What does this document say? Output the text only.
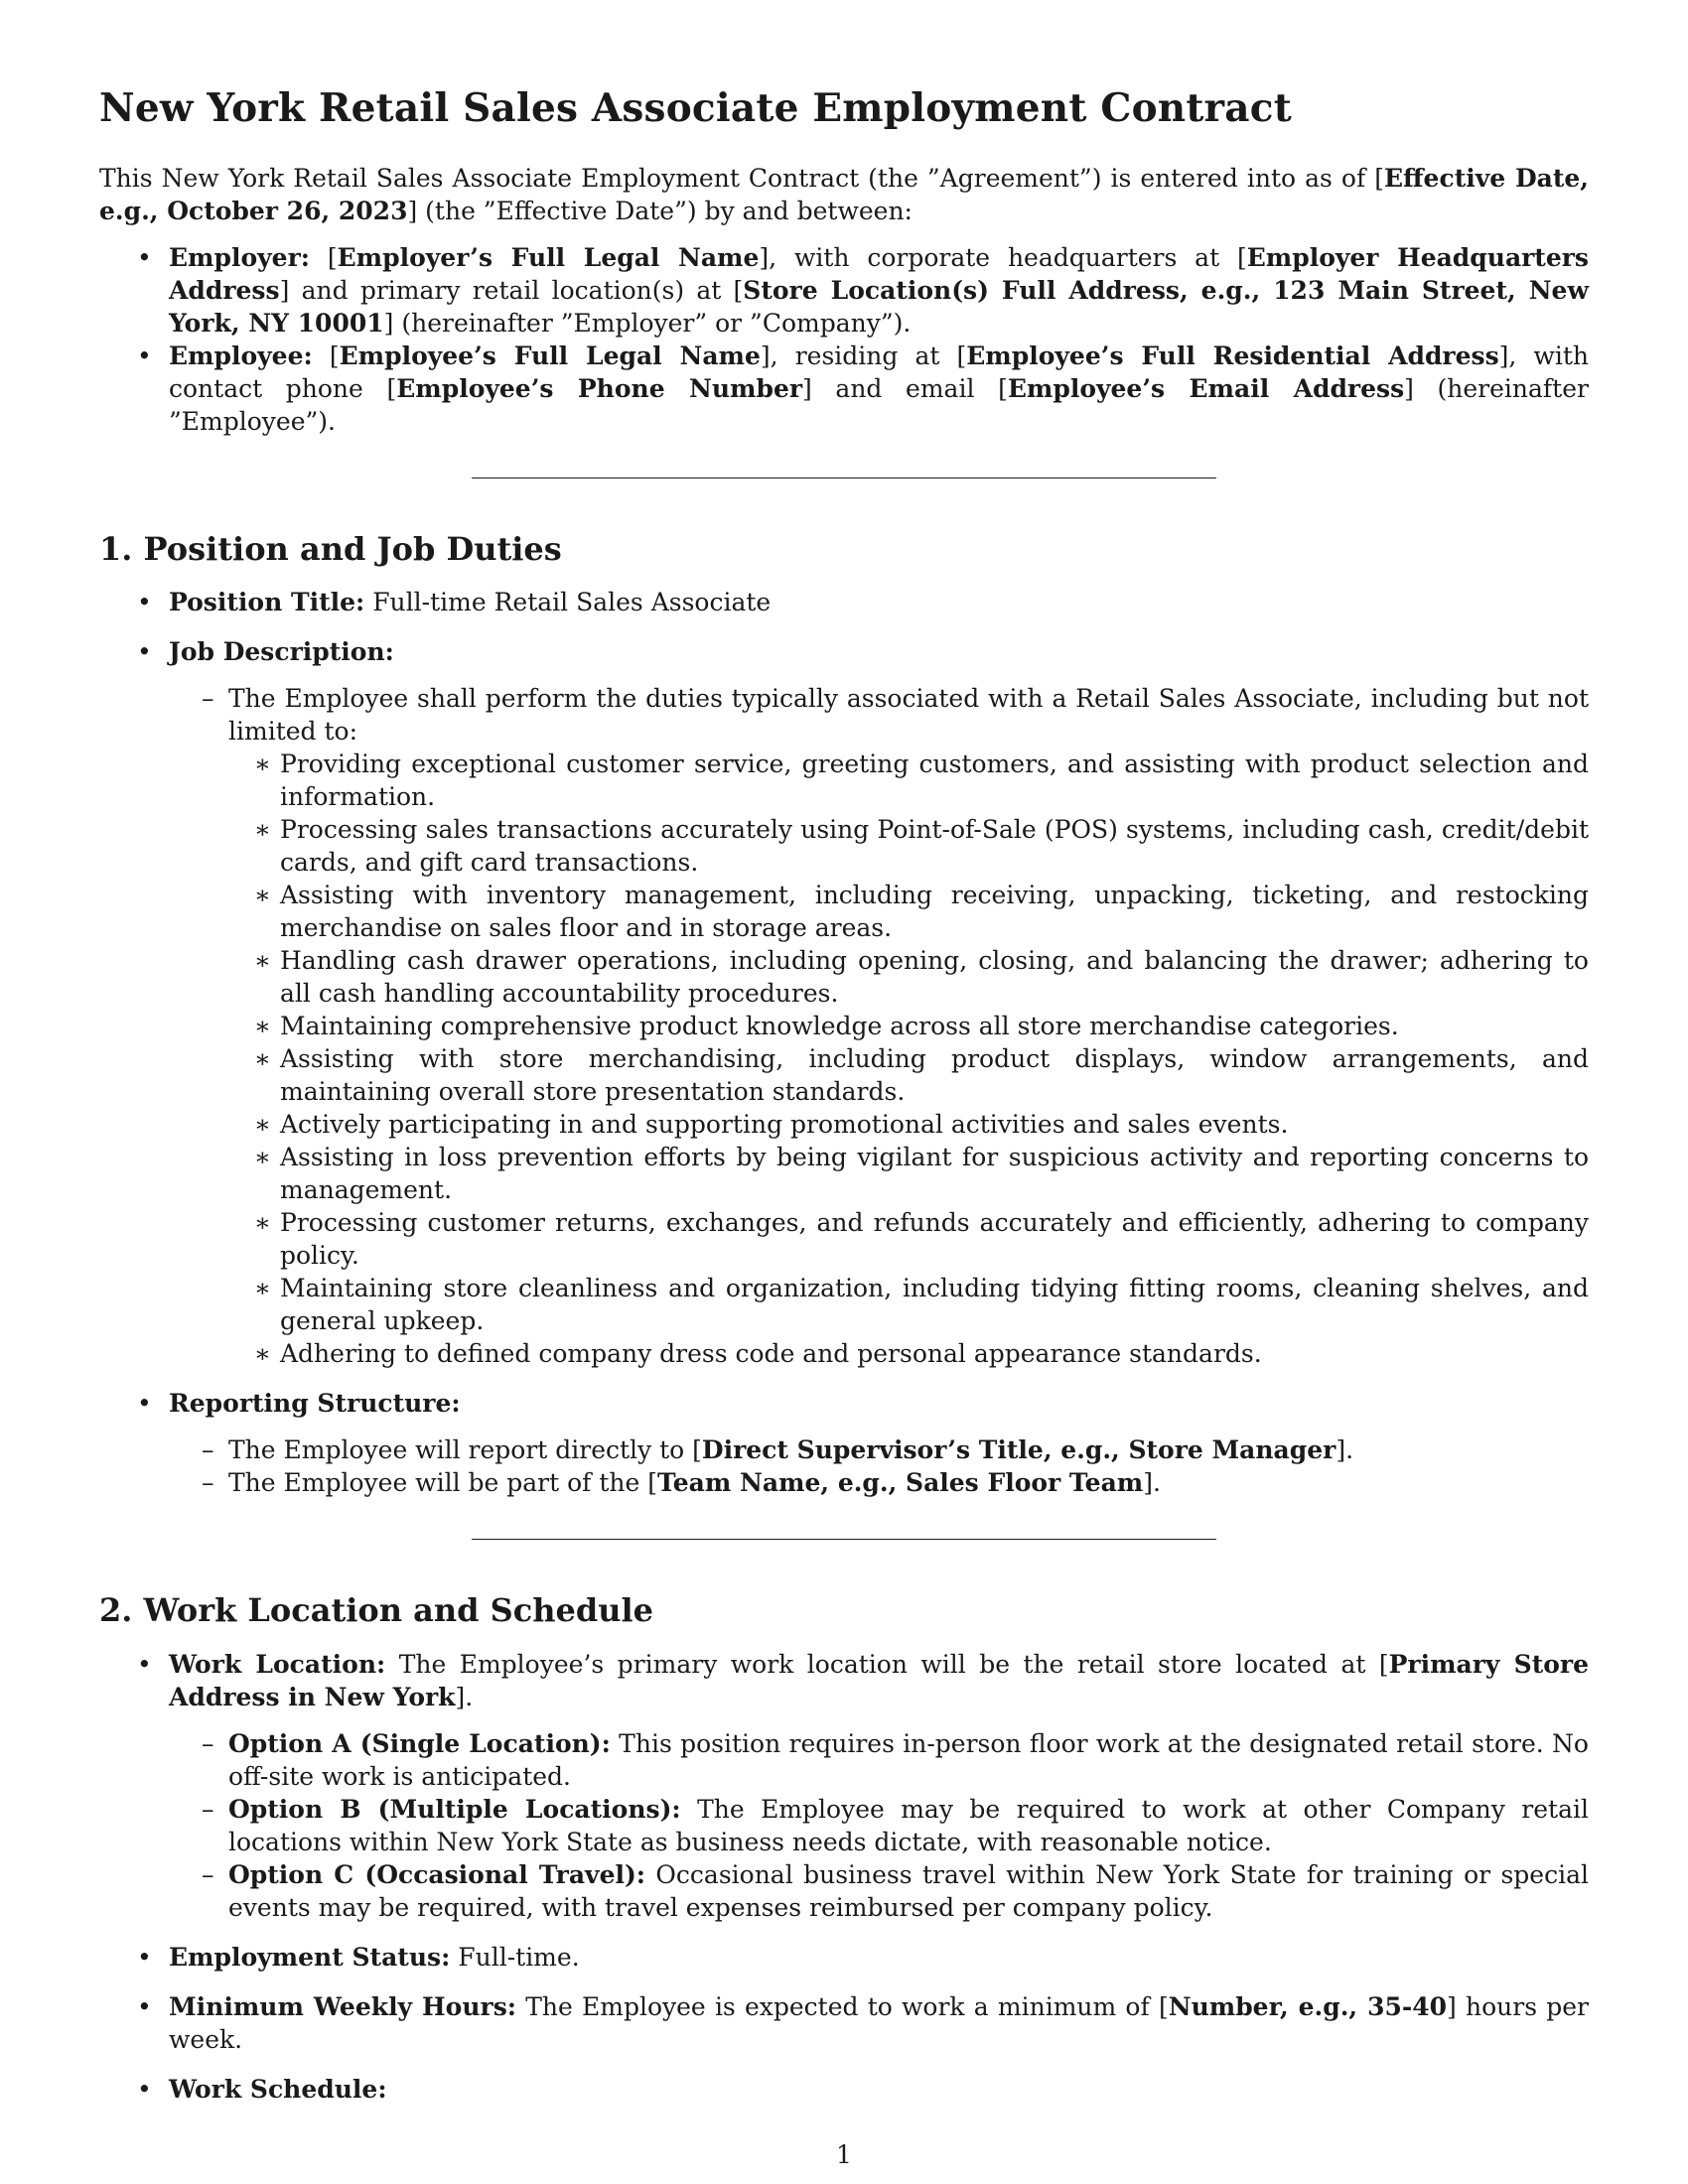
New York Retail Sales Associate Employment Contract

This New York Retail Sales Associate Employment Contract (the ”Agreement”) is entered into as of [Effective Date, e.g., October 26, 2023] (the ”Effective Date”) by and between:

• Employer: [Employer’s Full Legal Name], with corporate headquarters at [Employer Headquarters Address] and primary retail location(s) at [Store Location(s) Full Address, e.g., 123 Main Street, New York, NY 10001] (hereinafter ”Employer” or ”Company”).
• Employee: [Employee’s Full Legal Name], residing at [Employee’s Full Residential Address], with contact phone [Employee’s Phone Number] and email [Employee’s Email Address] (hereinafter ”Employee”).
1. Position and Job Duties
• Position Title: Full-time Retail Sales Associate
• Job Description:
– The Employee shall perform the duties typically associated with a Retail Sales Associate, including but not limited to:
∗ Providing exceptional customer service, greeting customers, and assisting with product selection and information.
∗ Processing sales transactions accurately using Point-of-Sale (POS) systems, including cash, credit/debit cards, and gift card transactions.
∗ Assisting with inventory management, including receiving, unpacking, ticketing, and restocking merchandise on sales floor and in storage areas.
∗ Handling cash drawer operations, including opening, closing, and balancing the drawer; adhering to all cash handling accountability procedures.
∗ Maintaining comprehensive product knowledge across all store merchandise categories.
∗ Assisting with store merchandising, including product displays, window arrangements, and maintaining overall store presentation standards.
∗ Actively participating in and supporting promotional activities and sales events.
∗ Assisting in loss prevention efforts by being vigilant for suspicious activity and reporting concerns to management.
∗ Processing customer returns, exchanges, and refunds accurately and efficiently, adhering to company policy.
∗ Maintaining store cleanliness and organization, including tidying fitting rooms, cleaning shelves, and general upkeep.
∗ Adhering to defined company dress code and personal appearance standards.
• Reporting Structure:
– The Employee will report directly to [Direct Supervisor’s Title, e.g., Store Manager].
– The Employee will be part of the [Team Name, e.g., Sales Floor Team].
2. Work Location and Schedule
• Work Location: The Employee’s primary work location will be the retail store located at [Primary Store Address in New York].
– Option A (Single Location): This position requires in-person floor work at the designated retail store. No off-site work is anticipated.
– Option B (Multiple Locations): The Employee may be required to work at other Company retail locations within New York State as business needs dictate, with reasonable notice.
– Option C (Occasional Travel): Occasional business travel within New York State for training or special events may be required, with travel expenses reimbursed per company policy.
• Employment Status: Full-time.
• Minimum Weekly Hours: The Employee is expected to work a minimum of [Number, e.g., 35-40] hours per week.
• Work Schedule:
1
